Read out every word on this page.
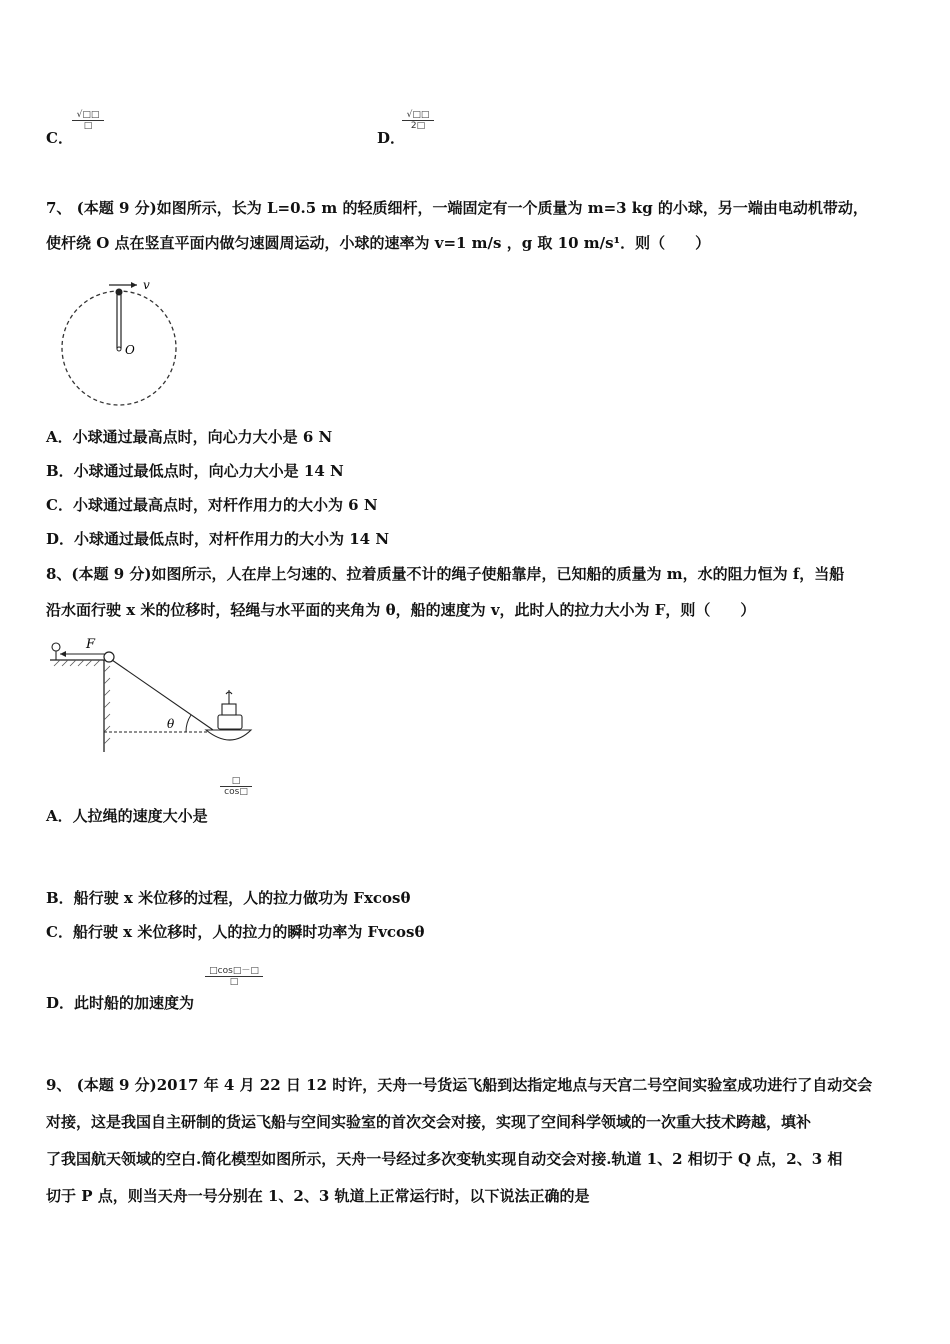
C．
√□□
□
D．
√□□
2□
7、 (本题 9 分)如图所示，长为 L=0.5 m 的轻质细杆，一端固定有一个质量为 m=3 kg 的小球，另一端由电动机带动，
使杆绕 O 点在竖直平面内做匀速圆周运动，小球的速率为 v=1 m/s ，g 取 10 m/s¹．则（　　）
v
O
A．小球通过最高点时，向心力大小是 6 N
B．小球通过最低点时，向心力大小是 14 N
C．小球通过最高点时，对杆作用力的大小为 6 N
D．小球通过最低点时，对杆作用力的大小为 14 N
8、(本题 9 分)如图所示，人在岸上匀速的、拉着质量不计的绳子使船靠岸，已知船的质量为 m，水的阻力恒为 f，当船
沿水面行驶 x 米的位移时，轻绳与水平面的夹角为 θ，船的速度为 v，此时人的拉力大小为 F，则（　　）
F
θ
A．人拉绳的速度大小是
□
cos□
B．船行驶 x 米位移的过程，人的拉力做功为 Fxcosθ
C．船行驶 x 米位移时，人的拉力的瞬时功率为 Fvcosθ
D．此时船的加速度为
□cos□－□
□
9、 (本题 9 分)2017 年 4 月 22 日 12 时许，天舟一号货运飞船到达指定地点与天宫二号空间实验室成功进行了自动交会
对接，这是我国自主研制的货运飞船与空间实验室的首次交会对接，实现了空间科学领域的一次重大技术跨越，填补
了我国航天领域的空白.简化模型如图所示，天舟一号经过多次变轨实现自动交会对接.轨道 1、2 相切于 Q 点，2、3 相
切于 P 点，则当天舟一号分别在 1、2、3 轨道上正常运行时，以下说法正确的是
